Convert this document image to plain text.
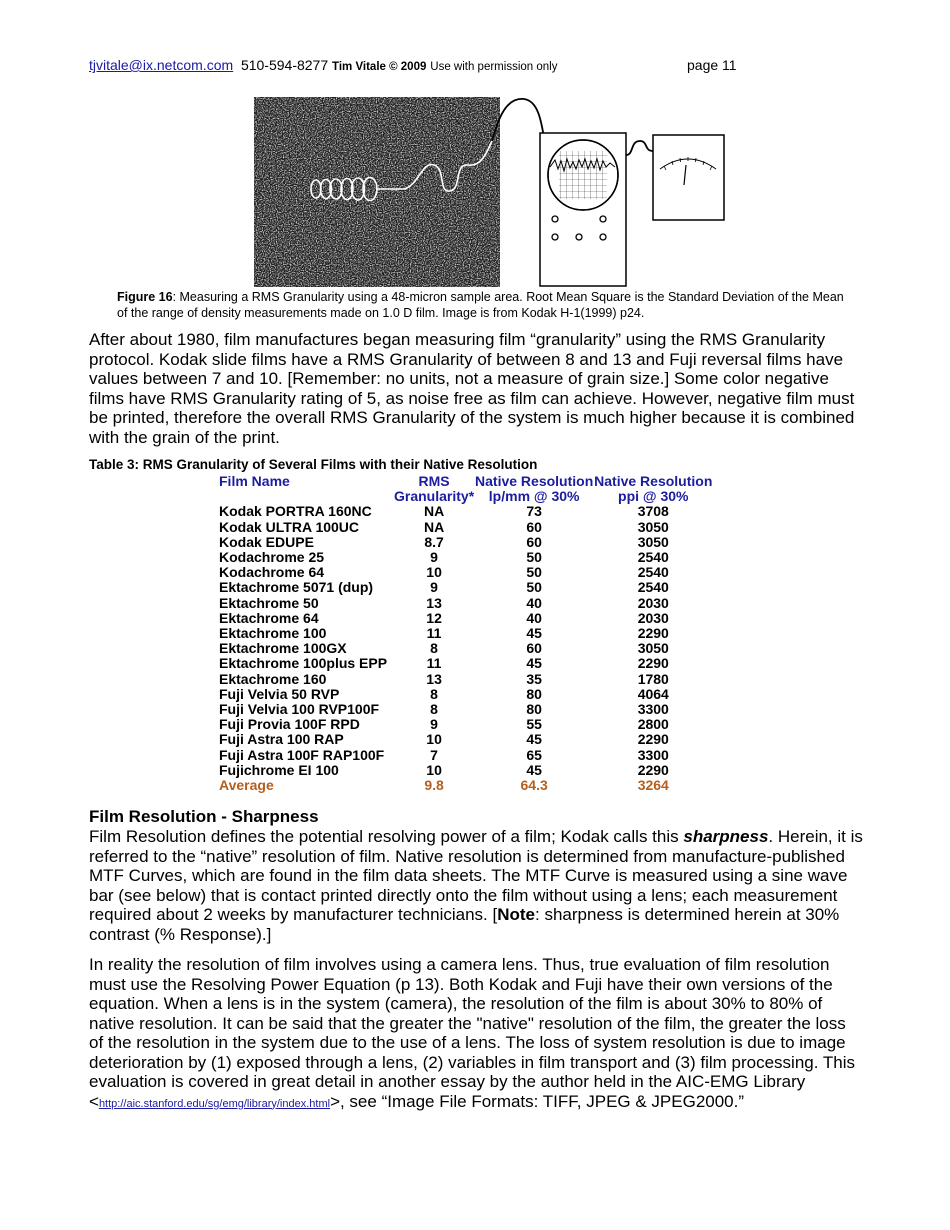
tjvitale@ix.netcom.com 510-594-8277 Tim Vitale © 2009 Use with permission only	page 11
Figure 16: Measuring a RMS Granularity using a 48-micron sample area. Root Mean Square is the Standard Deviation of the Mean of the range of density measurements made on 1.0 D film. Image is from Kodak H-1(1999) p24.
After about 1980, film manufactures began measuring film “granularity” using the RMS Granularity protocol. Kodak slide films have a RMS Granularity of between 8 and 13 and Fuji reversal films have values between 7 and 10. [Remember: no units, not a measure of grain size.] Some color negative films have RMS Granularity rating of 5, as noise free as film can achieve. However, negative film must be printed, therefore the overall RMS Granularity of the system is much higher because it is combined with the grain of the print.
Table 3: RMS Granularity of Several Films with their Native Resolution
Film Name	RMS	Native Resolution	Native Resolution
	Granularity*	lp/mm @ 30%	ppi @ 30%
Kodak PORTRA 160NC	NA	73	3708
Kodak ULTRA 100UC	NA	60	3050
Kodak EDUPE	8.7	60	3050
Kodachrome 25	9	50	2540
Kodachrome 64	10	50	2540
Ektachrome 5071 (dup)	9	50	2540
Ektachrome 50	13	40	2030
Ektachrome 64	12	40	2030
Ektachrome 100	11	45	2290
Ektachrome 100GX	8	60	3050
Ektachrome 100plus EPP	11	45	2290
Ektachrome 160	13	35	1780
Fuji Velvia 50 RVP	8	80	4064
Fuji Velvia 100 RVP100F	8	80	3300
Fuji Provia 100F RPD	9	55	2800
Fuji Astra 100 RAP	10	45	2290
Fuji Astra 100F RAP100F	7	65	3300
Fujichrome EI 100	10	45	2290
Average	9.8	64.3	3264
Film Resolution - Sharpness
Film Resolution defines the potential resolving power of a film; Kodak calls this sharpness. Herein, it is referred to the “native” resolution of film. Native resolution is determined from manufacture-published MTF Curves, which are found in the film data sheets. The MTF Curve is measured using a sine wave bar (see below) that is contact printed directly onto the film without using a lens; each measurement required about 2 weeks by manufacturer technicians. [Note: sharpness is determined herein at 30% contrast (% Response).]
In reality the resolution of film involves using a camera lens. Thus, true evaluation of film resolution must use the Resolving Power Equation (p 13). Both Kodak and Fuji have their own versions of the equation. When a lens is in the system (camera), the resolution of the film is about 30% to 80% of native resolution. It can be said that the greater the "native" resolution of the film, the greater the loss of the resolution in the system due to the use of a lens. The loss of system resolution is due to image deterioration by (1) exposed through a lens, (2) variables in film transport and (3) film processing. This evaluation is covered in great detail in another essay by the author held in the AIC-EMG Library
<http://aic.stanford.edu/sg/emg/library/index.html>, see “Image File Formats: TIFF, JPEG & JPEG2000.”
